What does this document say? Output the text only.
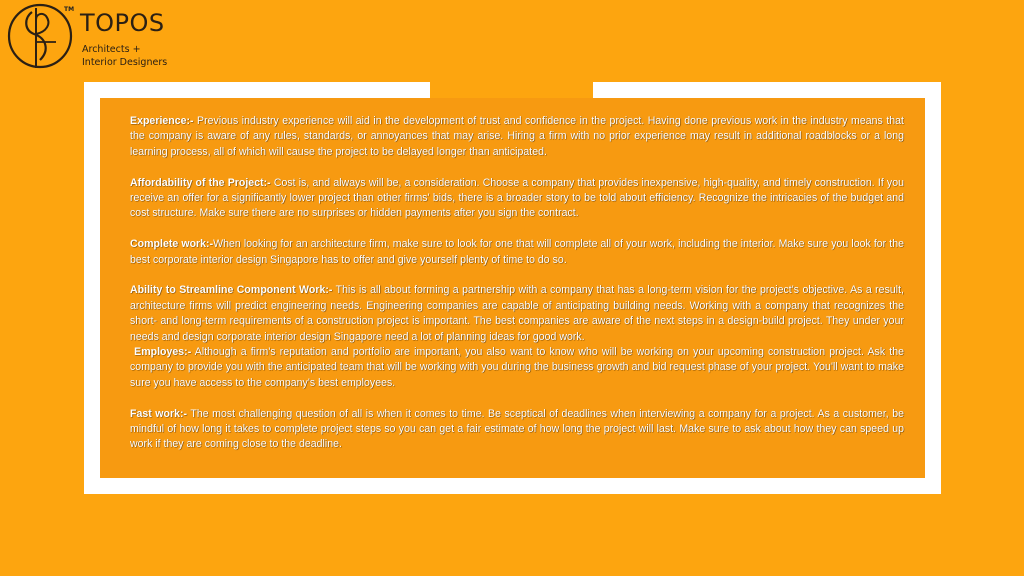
TM TOPOS
Architects +
Interior Designers

Experience:- Previous industry experience will aid in the development of trust and confidence in the project. Having done previous work in the industry means that the company is aware of any rules, standards, or annoyances that may arise. Hiring a firm with no prior experience may result in additional roadblocks or a long learning process, all of which will cause the project to be delayed longer than anticipated.

Affordability of the Project:- Cost is, and always will be, a consideration. Choose a company that provides inexpensive, high-quality, and timely construction. If you receive an offer for a significantly lower project than other firms' bids, there is a broader story to be told about efficiency. Recognize the intricacies of the budget and cost structure. Make sure there are no surprises or hidden payments after you sign the contract.

Complete work:-When looking for an architecture firm, make sure to look for one that will complete all of your work, including the interior. Make sure you look for the best corporate interior design Singapore has to offer and give yourself plenty of time to do so.

Ability to Streamline Component Work:- This is all about forming a partnership with a company that has a long-term vision for the project's objective. As a result, architecture firms will predict engineering needs. Engineering companies are capable of anticipating building needs. Working with a company that recognizes the short- and long-term requirements of a construction project is important. The best companies are aware of the next steps in a design-build project. They under your needs and design corporate interior design Singapore need a lot of planning ideas for good work.

Employes:- Although a firm's reputation and portfolio are important, you also want to know who will be working on your upcoming construction project. Ask the company to provide you with the anticipated team that will be working with you during the business growth and bid request phase of your project. You'll want to make sure you have access to the company's best employees.

Fast work:- The most challenging question of all is when it comes to time. Be sceptical of deadlines when interviewing a company for a project. As a customer, be mindful of how long it takes to complete project steps so you can get a fair estimate of how long the project will last. Make sure to ask about how they can speed up work if they are coming close to the deadline.
